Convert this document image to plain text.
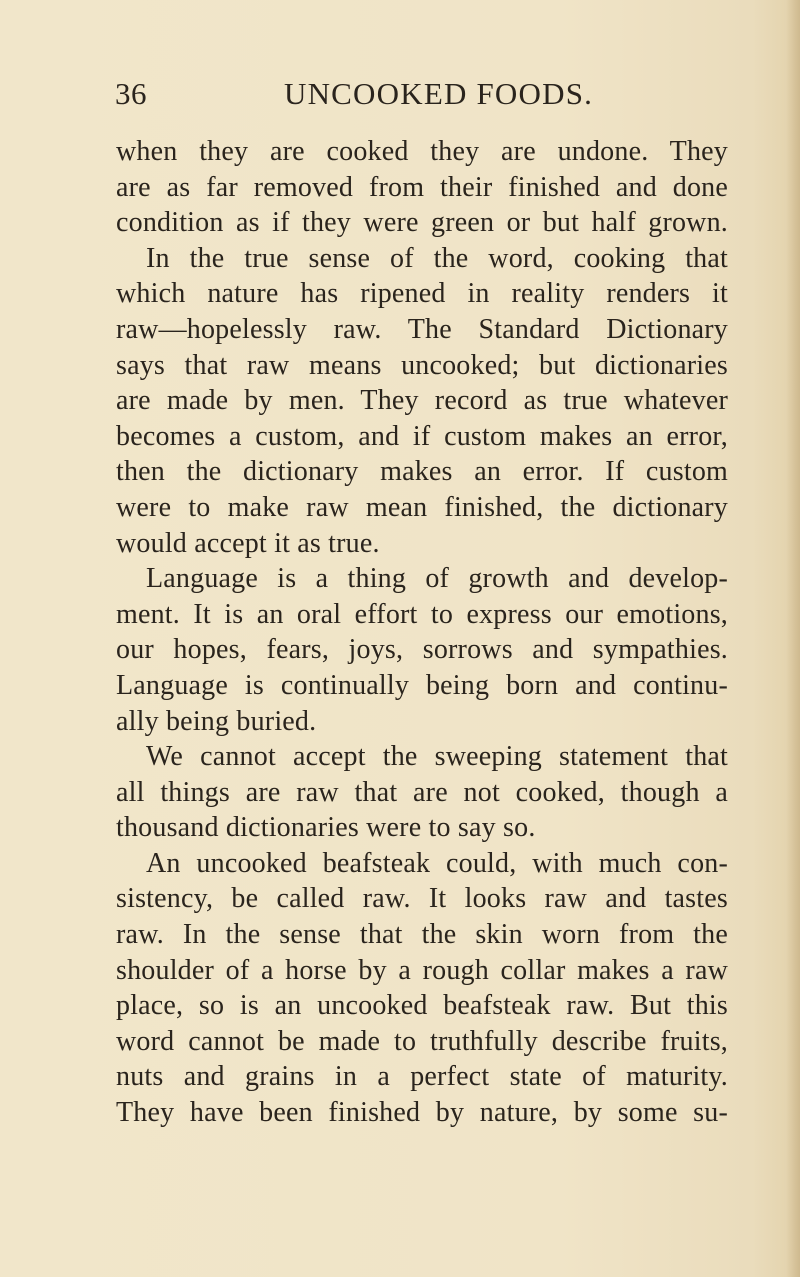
36	UNCOOKED FOODS.
when they are cooked they are undone. They
are as far removed from their finished and done
condition as if they were green or but half grown.
In the true sense of the word, cooking that
which nature has ripened in reality renders it
raw—hopelessly raw. The Standard Dictionary
says that raw means uncooked; but dictionaries
are made by men. They record as true whatever
becomes a custom, and if custom makes an error,
then the dictionary makes an error. If custom
were to make raw mean finished, the dictionary
would accept it as true.
Language is a thing of growth and develop-
ment. It is an oral effort to express our emotions,
our hopes, fears, joys, sorrows and sympathies.
Language is continually being born and continu-
ally being buried.
We cannot accept the sweeping statement that
all things are raw that are not cooked, though a
thousand dictionaries were to say so.
An uncooked beafsteak could, with much con-
sistency, be called raw. It looks raw and tastes
raw. In the sense that the skin worn from the
shoulder of a horse by a rough collar makes a raw
place, so is an uncooked beafsteak raw. But this
word cannot be made to truthfully describe fruits,
nuts and grains in a perfect state of maturity.
They have been finished by nature, by some su-
